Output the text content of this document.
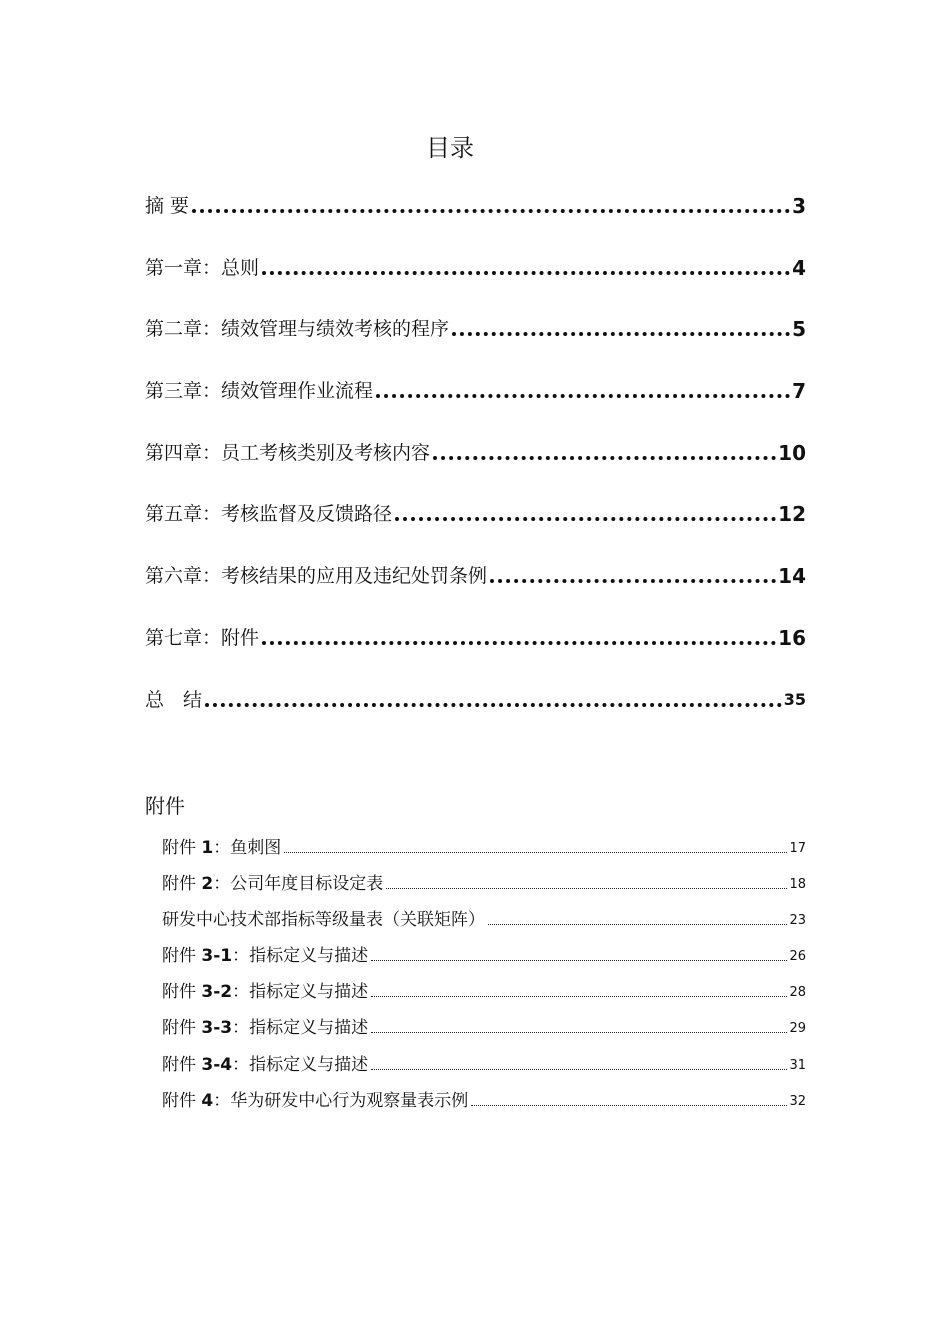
目录
摘 要	3
第一章：总则	4
第二章：绩效管理与绩效考核的程序	5
第三章：绩效管理作业流程	7
第四章：员工考核类别及考核内容	10
第五章：考核监督及反馈路径	12
第六章：考核结果的应用及违纪处罚条例	14
第七章：附件	16
总　结	35
附件
附件 1：鱼刺图	17
附件 2：公司年度目标设定表	18
研发中心技术部指标等级量表（关联矩阵）	23
附件 3-1：指标定义与描述	26
附件 3-2：指标定义与描述	28
附件 3-3：指标定义与描述	29
附件 3-4：指标定义与描述	31
附件 4：华为研发中心行为观察量表示例	32
